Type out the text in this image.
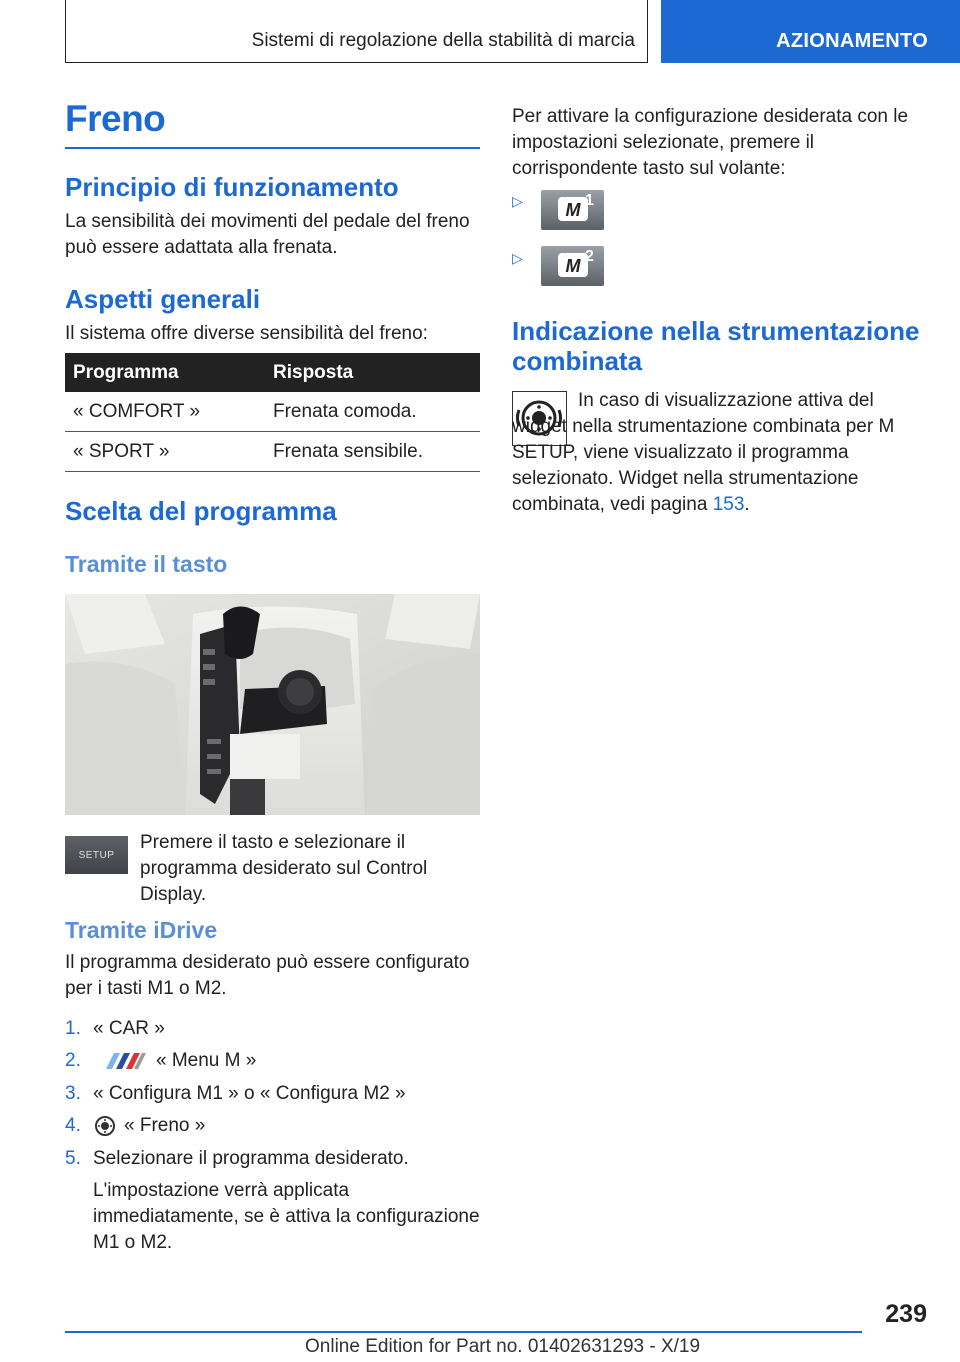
Sistemi di regolazione della stabilità di marcia	AZIONAMENTO
Freno
Principio di funzionamento
La sensibilità dei movimenti del pedale del freno può essere adattata alla frenata.
Aspetti generali
Il sistema offre diverse sensibilità del freno:
Programma	Risposta
« COMFORT »	Frenata comoda.
« SPORT »	Frenata sensibile.
Scelta del programma
Tramite il tasto
SETUP
Premere il tasto e selezionare il programma desiderato sul Control Display.
Tramite iDrive
Il programma desiderato può essere configurato per i tasti M1 o M2.
1. « CAR »
2.	« Menu M »
3. « Configura M1 » o « Configura M2 »
4. « Freno »
5. Selezionare il programma desiderato.
L'impostazione verrà applicata immediatamente, se è attiva la configurazione M1 o M2.
Per attivare la configurazione desiderata con le impostazioni selezionate, premere il corrispondente tasto sul volante:
▷	M 1
▷	M 2
Indicazione nella strumentazione combinata
In caso di visualizzazione attiva del widget nella strumentazione combinata per M SETUP, viene visualizzato il programma selezionato. Widget nella strumentazione combinata, vedi pagina 153.
239
Online Edition for Part no. 01402631293 - X/19
